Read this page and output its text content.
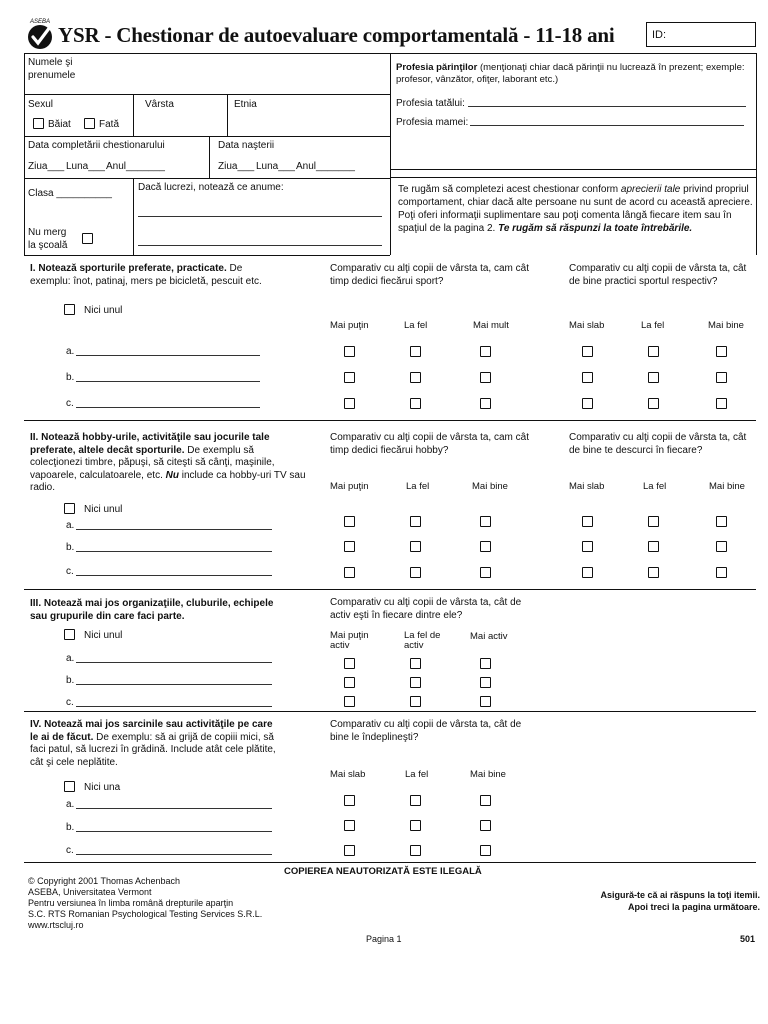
ASEBA
YSR - Chestionar de autoevaluare comportamentală - 11-18 ani	ID:
Numele şi prenumele
Sexul
Băiat	Fată
Vârsta	Etnia
Data completării chestionarului
Ziua___ Luna___ Anul_______
Data naşterii
Ziua___ Luna___ Anul_______
Clasa __________
Nu merg la şcoală
Dacă lucrezi, notează ce anume:
Profesia părinţilor (menţionaţi chiar dacă părinţii nu lucrează în prezent; exemple: profesor, vânzător, ofiţer, laborant etc.)
Profesia tatălui:
Profesia mamei:
Te rugăm să completezi acest chestionar conform aprecierii tale privind propriul comportament, chiar dacă alte persoane nu sunt de acord cu această apreciere. Poţi oferi informaţii suplimentare sau poţi comenta lângă fiecare item sau în spaţiul de la pagina 2. Te rugăm să răspunzi la toate întrebările.
I. Notează sporturile preferate, practicate. De exemplu: înot, patinaj, mers pe bicicletă, pescuit etc.
Nici unul
Comparativ cu alţi copii de vârsta ta, cam cât timp dedici fiecărui sport?
Comparativ cu alţi copii de vârsta ta, cât de bine practici sportul respectiv?
Mai puţin	La fel	Mai mult	Mai slab	La fel	Mai bine
a.
b.
c.
II. Notează hobby-urile, activităţile sau jocurile tale preferate, altele decât sporturile. De exemplu să colecţionezi timbre, păpuşi, să citeşti să cânţi, maşinile, vapoarele, calculatoarele, etc. Nu include ca hobby-uri TV sau radio.
Nici unul
Comparativ cu alţi copii de vârsta ta, cam cât timp dedici fiecărui hobby?
Comparativ cu alţi copii de vârsta ta, cât de bine te descurci în fiecare?
Mai puţin	La fel	Mai bine	Mai slab	La fel	Mai bine
a.
b.
c.
III. Notează mai jos organizaţiile, cluburile, echipele sau grupurile din care faci parte.
Nici unul
Comparativ cu alţi copii de vârsta ta, cât de activ eşti în fiecare dintre ele?
Mai puţin activ
La fel de activ
Mai activ
a.
b.
c.
IV. Notează mai jos sarcinile sau activităţile pe care le ai de făcut. De exemplu: să ai grijă de copiii mici, să faci patul, să lucrezi în grădină. Include atât cele plătite, cât şi cele neplătite.
Nici una
Comparativ cu alţi copii de vârsta ta, cât de bine le îndeplineşti?
Mai slab	La fel	Mai bine
a.
b.
c.
COPIEREA NEAUTORIZATĂ ESTE ILEGALĂ
© Copyright 2001 Thomas Achenbach
ASEBA, Universitatea Vermont
Pentru versiunea în limba română drepturile aparţin
S.C. RTS Romanian Psychological Testing Services S.R.L.
www.rtscluj.ro
Asigură-te că ai răspuns la toţi itemii.
Apoi treci la pagina următoare.
Pagina 1	501
